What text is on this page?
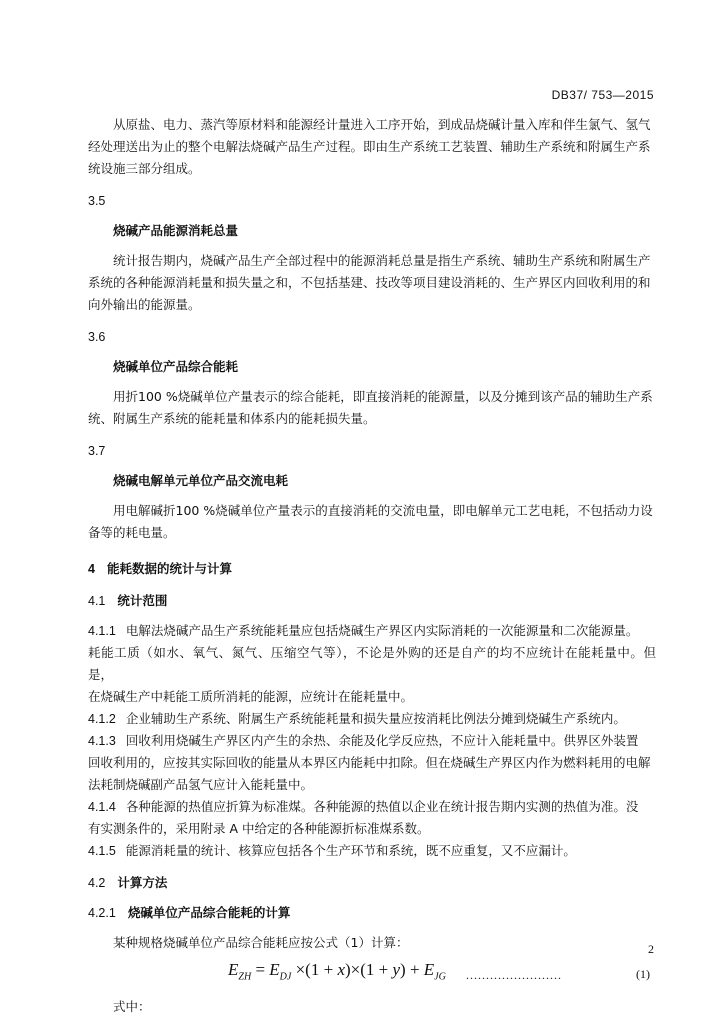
DB37/ 753—2015

从原盐、电力、蒸汽等原材料和能源经计量进入工序开始，到成品烧碱计量入库和伴生氯气、氢气

经处理送出为止的整个电解法烧碱产品生产过程。即由生产系统工艺装置、辅助生产系统和附属生产系

统设施三部分组成。

3.5

烧碱产品能源消耗总量

统计报告期内，烧碱产品生产全部过程中的能源消耗总量是指生产系统、辅助生产系统和附属生产

系统的各种能源消耗量和损失量之和，不包括基建、技改等项目建设消耗的、生产界区内回收利用的和

向外输出的能源量。

3.6

烧碱单位产品综合能耗

用折100 %烧碱单位产量表示的综合能耗，即直接消耗的能源量，以及分摊到该产品的辅助生产系

统、附属生产系统的能耗量和体系内的能耗损失量。

3.7

烧碱电解单元单位产品交流电耗

用电解碱折100 %烧碱单位产量表示的直接消耗的交流电量，即电解单元工艺电耗，不包括动力设

备等的耗电量。

4 能耗数据的统计与计算

4.1 统计范围

4.1.1 电解法烧碱产品生产系统能耗量应包括烧碱生产界区内实际消耗的一次能源量和二次能源量。

耗能工质（如水、氧气、氮气、压缩空气等），不论是外购的还是自产的均不应统计在能耗量中。但是，

在烧碱生产中耗能工质所消耗的能源，应统计在能耗量中。

4.1.2 企业辅助生产系统、附属生产系统能耗量和损失量应按消耗比例法分摊到烧碱生产系统内。

4.1.3 回收利用烧碱生产界区内产生的余热、余能及化学反应热，不应计入能耗量中。供界区外装置

回收利用的，应按其实际回收的能量从本界区内能耗中扣除。但在烧碱生产界区内作为燃料耗用的电解

法耗制烧碱副产品氢气应计入能耗量中。

4.1.4 各种能源的热值应折算为标准煤。各种能源的热值以企业在统计报告期内实测的热值为准。没

有实测条件的，采用附录 A 中给定的各种能源折标准煤系数。

4.1.5 能源消耗量的统计、核算应包括各个生产环节和系统，既不应重复，又不应漏计。

4.2 计算方法

4.2.1 烧碱单位产品综合能耗的计算

某种规格烧碱单位产品综合能耗应按公式（1）计算：

$E_{ZH} = E_{DJ} \times(1 + x)\times(1 + y) + E_{JG}$ ........................	(1)

式中：

2
